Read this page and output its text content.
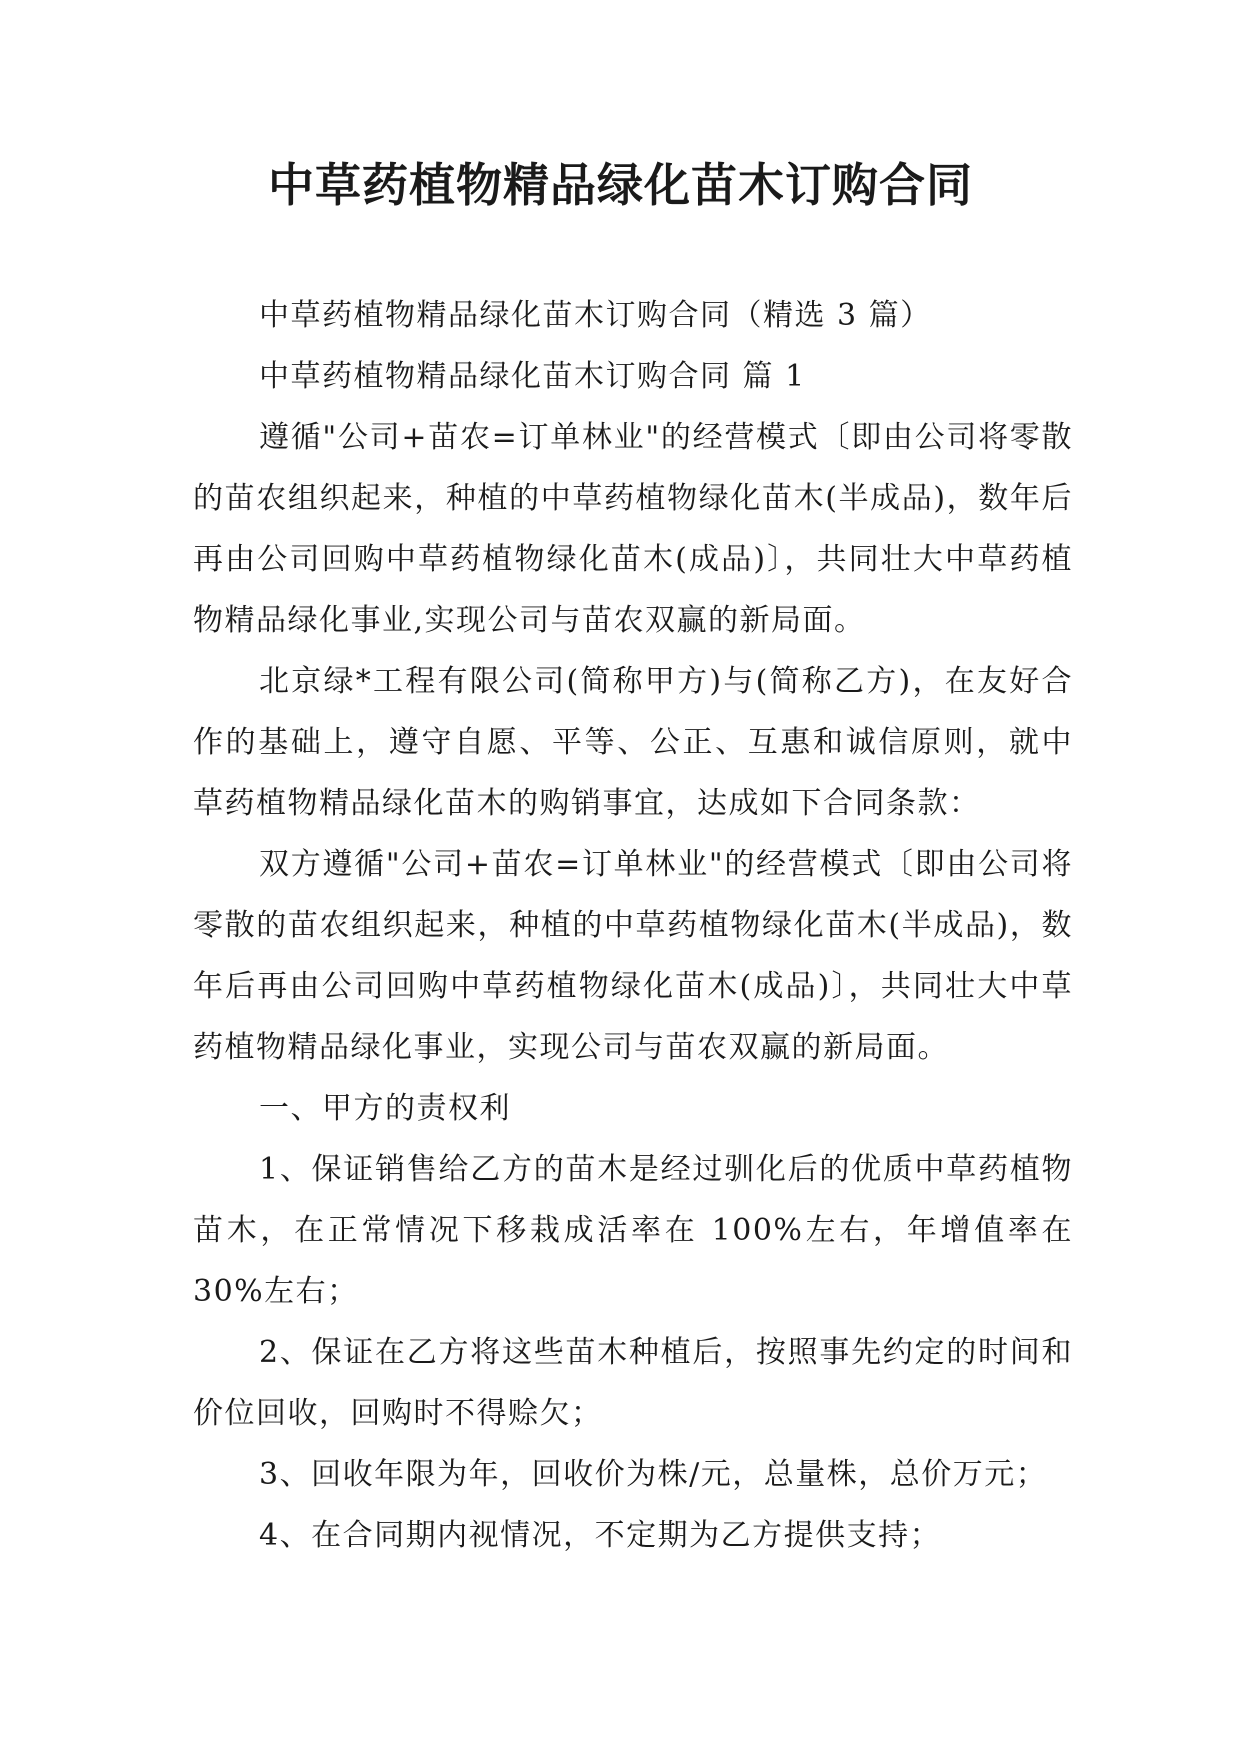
中草药植物精品绿化苗木订购合同

中草药植物精品绿化苗木订购合同（精选 3 篇）

中草药植物精品绿化苗木订购合同 篇 1

遵循"公司+苗农=订单林业"的经营模式〔即由公司将零散的苗农组织起来，种植的中草药植物绿化苗木(半成品)，数年后再由公司回购中草药植物绿化苗木(成品)〕，共同壮大中草药植物精品绿化事业,实现公司与苗农双赢的新局面。

北京绿*工程有限公司(简称甲方)与(简称乙方)，在友好合作的基础上，遵守自愿、平等、公正、互惠和诚信原则，就中草药植物精品绿化苗木的购销事宜，达成如下合同条款：

双方遵循"公司+苗农=订单林业"的经营模式〔即由公司将零散的苗农组织起来，种植的中草药植物绿化苗木(半成品)，数年后再由公司回购中草药植物绿化苗木(成品)〕，共同壮大中草药植物精品绿化事业，实现公司与苗农双赢的新局面。

一、甲方的责权利

1、保证销售给乙方的苗木是经过驯化后的优质中草药植物苗木，在正常情况下移栽成活率在 100%左右，年增值率在 30%左右；

2、保证在乙方将这些苗木种植后，按照事先约定的时间和价位回收，回购时不得赊欠；

3、回收年限为年，回收价为株/元，总量株，总价万元；

4、在合同期内视情况，不定期为乙方提供支持；
